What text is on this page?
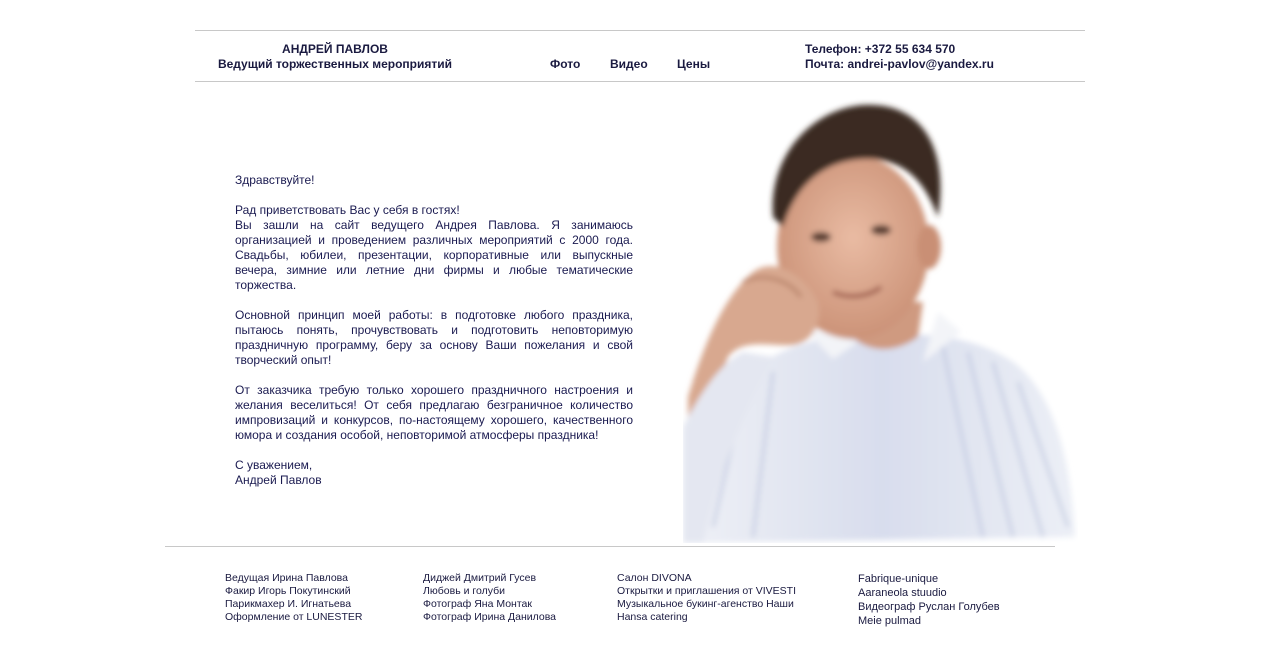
АНДРЕЙ ПАВЛОВ
Ведущий торжественных мероприятий	Фото Видео Цены
Телефон: +372 55 634 570
Почта: andrei-pavlov@yandex.ru

Здравствуйте!

Рад приветствовать Вас у себя в гостях!
Вы зашли на сайт ведущего Андрея Павлова. Я занимаюсь организацией и проведением различных мероприятий с 2000 года. Свадьбы, юбилеи, презентации, корпоративные или выпускные вечера, зимние или летние дни фирмы и любые тематические торжества.

Основной принцип моей работы: в подготовке любого праздника, пытаюсь понять, прочувствовать и подготовить неповторимую праздничную программу, беру за основу Ваши пожелания и свой творческий опыт!

От заказчика требую только хорошего праздничного настроения и желания веселиться! От себя предлагаю безграничное количество импровизаций и конкурсов, по-настоящему хорошего, качественного юмора и создания особой, неповторимой атмосферы праздника!

С уважением,

Андрей Павлов

Ведущая Ирина Павлова
Факир Игорь Покутинский
Парикмахер И. Игнатьева
Оформление от LUNESTER
Диджей Дмитрий Гусев
Любовь и голуби
Фотограф Яна Монтак
Фотограф Ирина Данилова
Салон DIVONA
Открытки и приглашения от VIVESTI
Музыкальное букинг-агенство Наши
Hansa catering
Fabrique-unique
Aaraneola stuudio
Видеограф Руслан Голубев
Meie pulmad
